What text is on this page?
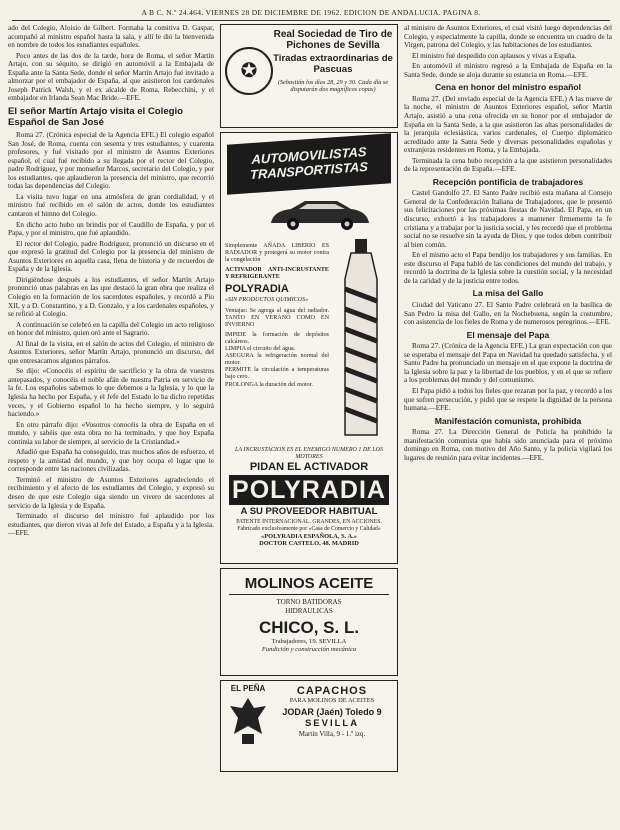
A B C. N.º 24.464. VIERNES 28 DE DICIEMBRE DE 1962. EDICION DE ANDALUCIA. PAGINA 8.

ado del Colegio, Aloisio de Gilbert. Formaba la comitiva D. Gaspar, acompañó al ministro español hasta la sala, y allí le dió la bienvenida en nombre de todos los estudiantes españoles.

Poco antes de las dos de la tarde, hora de Roma, el señor Martín Artajo, con su séquito, se dirigió en automóvil a la Embajada de España ante la Santa Sede, donde el señor Martín Artajo fué invitado a almorzar por el embajador de España, al que asistieron los cardenales Joseph Patrick Walsh, y el ex alcalde de Roma, Rebecchini, y el embajador en Irlanda Sean Mac Bride.—EFE.

El señor Martín Artajo visita el Colegio Español de San José

Roma 27. (Crónica especial de la Agencia EFE.) El colegio español San José, de Roma, cuenta con sesenta y tres estudiantes, y cuarenta profesores, y fué visitado por el ministro de Asuntos Exteriores español, el cual fué recibido a su llegada por el rector del Colegio, padre Rodríguez, y por monseñor Marcos, secretario del Colegio, y por los estudiantes, que aplaudieron la presencia del ministro, que recorrió todas las dependencias del Colegio.

La visita tuvo lugar en una atmósfera de gran cordialidad, y el ministro fué recibido en el salón de actos, donde los estudiantes cantaron el himno del Colegio.

En dicho acto hubo un brindis por el Caudillo de España, y por el Papa, y por el ministro, que fué aplaudido.

El rector del Colegio, padre Rodríguez, pronunció un discurso en el que expresó la gratitud del Colegio por la presencia del ministro de Asuntos Exteriores en aquella casa, llena de historia y de recuerdos de España y de la Iglesia.

Dirigiéndose después a los estudiantes, el señor Martín Artajo pronunció unas palabras en las que destacó la gran obra que realiza el Colegio en la formación de los sacerdotes españoles, y recordó a Pío XII, y a D. Constantino, y a D. Gonzalo, y a los cardenales españoles, y se refirió al Colegio.

A continuación se celebró en la capilla del Colegio un acto religioso en honor del ministro, quien oró ante el Sagrario.

Al final de la visita, en el salón de actos del Colegio, el ministro de Asuntos Exteriores, señor Martín Artajo, pronunció un discurso, del que entresacamos algunos párrafos.

Se dijo: «Conocéis el espíritu de sacrificio y la obra de vuestros antepasados, y conocéis el noble afán de nuestra Patria en servicio de la fe. Los españoles sabemos lo que debemos a la Iglesia, y lo que la Iglesia ha hecho por España, y el Jefe del Estado lo ha dicho repetidas veces, y el Gobierno español lo ha hecho siempre, y lo seguirá haciendo.»

En otro párrafo dijo: «Vosotros conocéis la obra de España en el mundo, y sabéis que esta obra no ha terminado, y que hoy España continúa su labor de siempre, al servicio de la Cristiandad.»

Añadió que España ha conseguido, tras muchos años de esfuerzo, el respeto y la amistad del mundo, y que hoy ocupa el lugar que le corresponde entre las naciones civilizadas.

Terminó el ministro de Asuntos Exteriores agradeciendo el recibimiento y el afecto de los estudiantes del Colegio, y expresó su deseo de que este Colegio siga siendo un vivero de sacerdotes al servicio de la Iglesia y de España.

Terminado el discurso del ministro fué aplaudido por los estudiantes, que dieron vivas al Jefe del Estado, a España y a la Iglesia.—EFE.

✪
Real Sociedad de Tiro de Pichones de Sevilla
Tiradas extraordinarias de Pascuas
(Sebastián los días 28, 29 y 30. Cada día se disputarán dos magníficos copas)
AUTOMOVILISTAS TRANSPORTISTAS
Simplemente AÑADA LIBERIO ES RADIADOR y protegerá su motor contra la congelación
ACTIVADOR ANTI-INCRUSTANTE Y REFRIGERANTE
POLYRADIA
«SIN PRODUCTOS QUIMICOS»
Ventajas: Se agrega al agua del radiador. TANTO EN VERANO COMO EN INVIERNO
IMPIDE la formación de depósitos calcáreos.
LIMPIA el circuito del agua.
ASEGURA la refrigeración normal del motor.
PERMITE la circulación a temperaturas bajo cero.
PROLONGA la duración del motor.
LA INCRUSTACION ES EL ENEMIGO NUMERO 1 DE LOS MOTORES
PIDAN EL ACTIVADOR
POLYRADIA
A SU PROVEEDOR HABITUAL
PATENTE INTERNACIONAL. GRANDES, EN ACCIONES. Fabricado exclusivamente por «Casa de Comercio y Calidad»
«POLYRADIA ESPAÑOLA, S. A.»
DOCTOR CASTELO, 48. MADRID
MOLINOS ACEITE
TORNO BATIDORAS
HIDRAULICAS
CHICO, S. L.
Trabajadores, 19. SEVILLA
Fundición y construcción mecánica
EL PEÑA	CAPACHOS
PARA MOLINOS DE ACEITES
JODAR (Jaén) Toledo 9
SEVILLA
Martín Villa, 9 - 1.º izq.

al ministro de Asuntos Exteriores, el cual visitó luego dependencias del Colegio, y especialmente la capilla, donde se encuentra un cuadro de la Virgen, patrona del Colegio, y las habitaciones de los estudiantes.

El ministro fué despedido con aplausos y vivas a España.

En automóvil el ministro regresó a la Embajada de España en la Santa Sede, donde se aloja durante su estancia en Roma.—EFE.

Cena en honor del ministro español

Roma 27. (Del enviado especial de la Agencia EFE.) A las nueve de la noche, el ministro de Asuntos Exteriores español, señor Martín Artajo, asistió a una cena ofrecida en su honor por el embajador de España en la Santa Sede, a la que asistieron las altas personalidades de la jerarquía eclesiástica, varios cardenales, el Cuerpo diplomático acreditado ante la Santa Sede y diversas personalidades españolas y extranjeras residentes en Roma, y la Embajada.

Terminada la cena hubo recepción a la que asistieron personalidades de la representación de España.—EFE.

Recepción pontificia de trabajadores

Castel Gandolfo 27. El Santo Padre recibió esta mañana al Consejo General de la Confederación Italiana de Trabajadores, que le presentó sus felicitaciones por las próximas fiestas de Navidad. El Papa, en un discurso, exhortó a los trabajadores a mantener firmemente la fe cristiana y a trabajar por la justicia social, y les recordó que el problema social no se resuelve sin la ayuda de Dios, y que todos deben contribuir al bien común.

En el mismo acto el Papa bendijo los trabajadores y sus familias. En este discurso el Papa habló de las condiciones del mundo del trabajo, y recordó la doctrina de la Iglesia sobre la cuestión social, y la necesidad de la caridad y de la justicia entre todos.

La misa del Gallo

Ciudad del Vaticano 27. El Santo Padre celebrará en la basílica de San Pedro la misa del Gallo, en la Nochebuena, según la costumbre, con asistencia de los fieles de Roma y de numerosos peregrinos.—EFE.

El mensaje del Papa

Roma 27. (Crónica de la Agencia EFE.) La gran expectación con que se esperaba el mensaje del Papa en Navidad ha quedado satisfecha, y el Santo Padre ha pronunciado un mensaje en el que expone la doctrina de la Iglesia sobre la paz y la libertad de los pueblos, y en el que se refiere a los problemas del mundo y del comunismo.

El Papa pidió a todos los fieles que rezaran por la paz, y recordó a los que sufren persecución, y pidió que se respete la dignidad de la persona humana.—EFE.

Manifestación comunista, prohibida

Roma 27. La Dirección General de Policía ha prohibido la manifestación comunista que había sido anunciada para el próximo domingo en Roma, con motivo del Año Santo, y la policía vigilará los lugares de reunión para evitar incidentes.—EFE.
